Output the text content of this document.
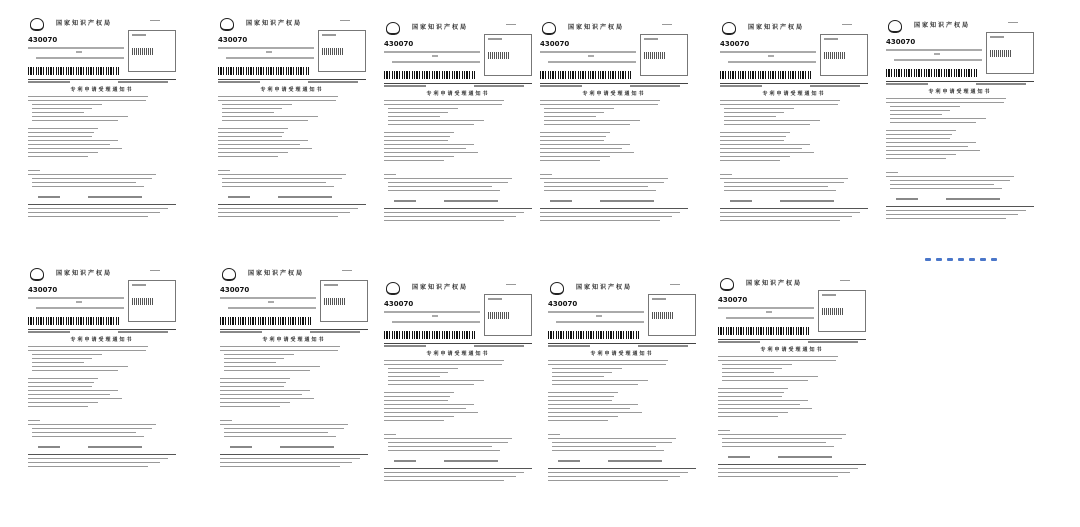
国家知识产权局
430070
专利申请受理通知书
国家知识产权局
430070
专利申请受理通知书
国家知识产权局
430070
专利申请受理通知书
国家知识产权局
430070
专利申请受理通知书
国家知识产权局
430070
专利申请受理通知书
国家知识产权局
430070
专利申请受理通知书
国家知识产权局
430070
专利申请受理通知书
国家知识产权局
430070
专利申请受理通知书
国家知识产权局
430070
专利申请受理通知书
国家知识产权局
430070
专利申请受理通知书
国家知识产权局
430070
专利申请受理通知书
